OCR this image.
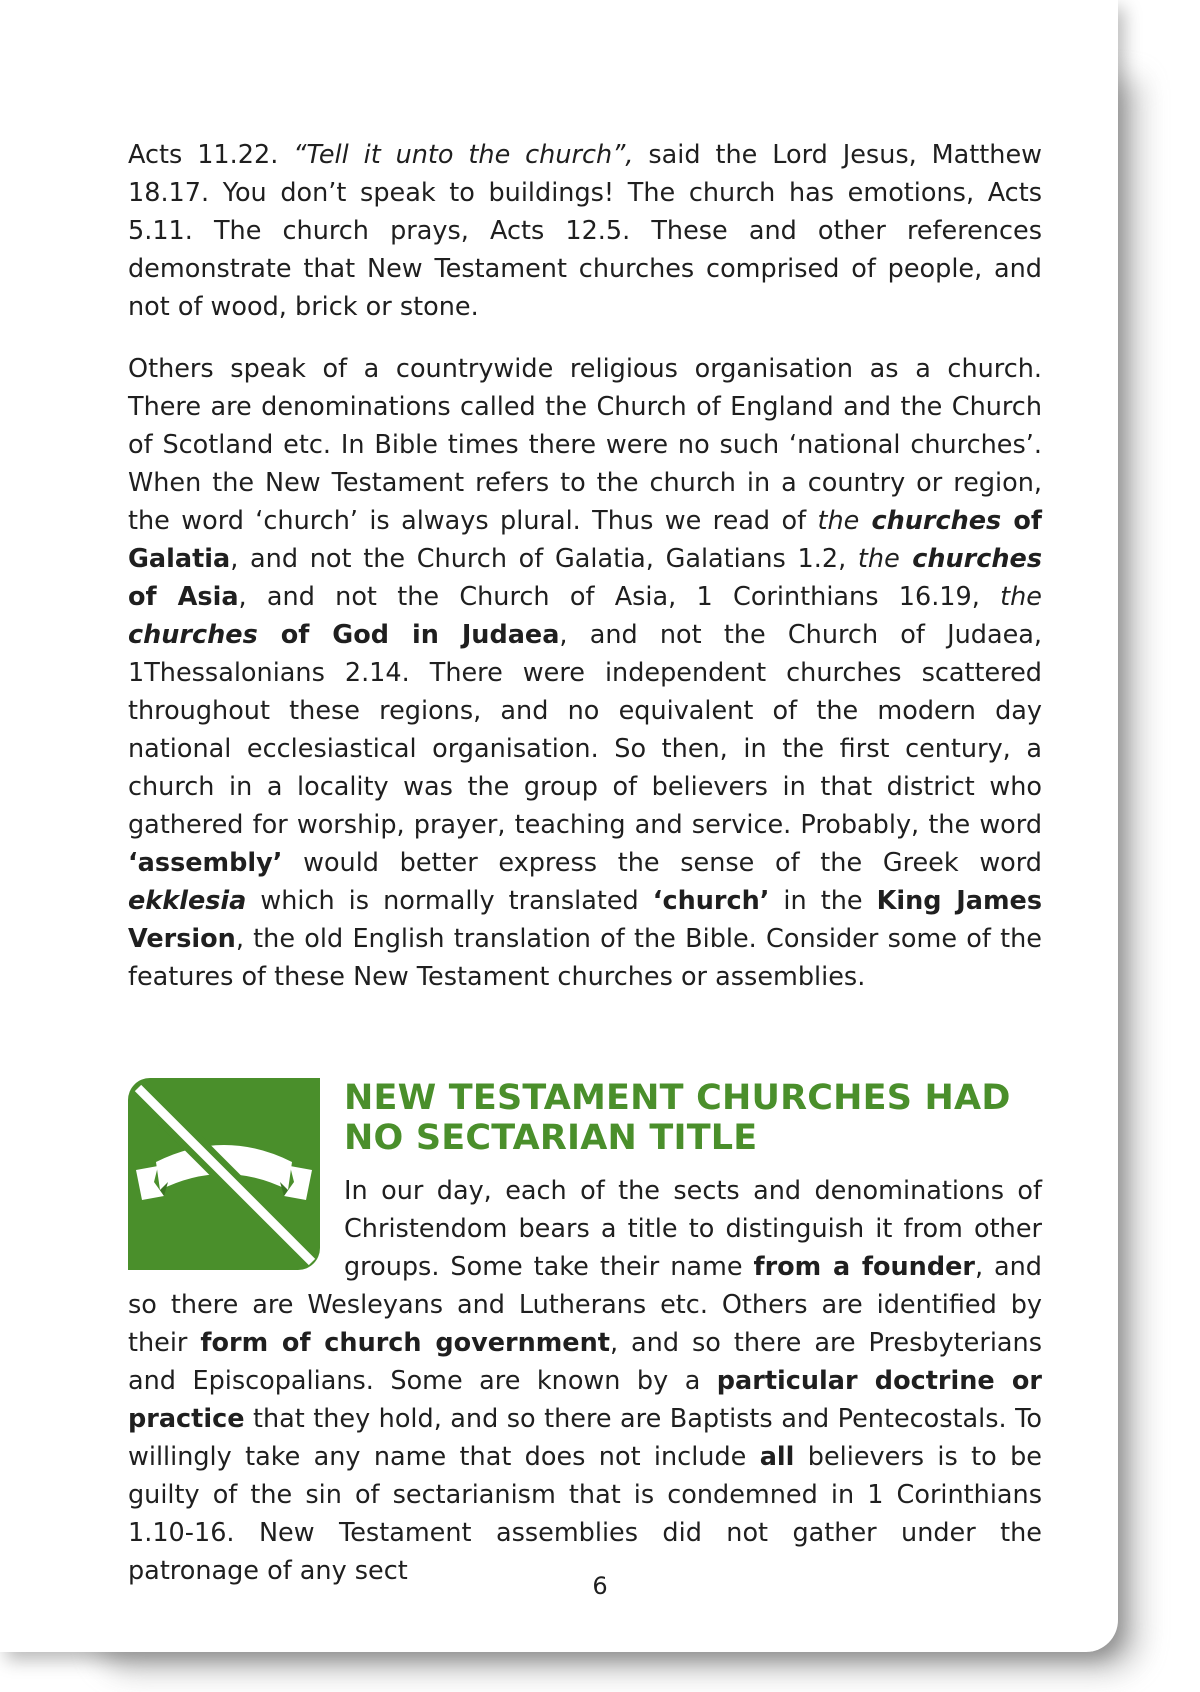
Acts 11.22. “Tell it unto the church”, said the Lord Jesus, Matthew 18.17. You don’t speak to buildings! The church has emotions, Acts 5.11. The church prays, Acts 12.5. These and other references demonstrate that New Testament churches comprised of people, and not of wood, brick or stone.

Others speak of a countrywide religious organisation as a church. There are denominations called the Church of England and the Church of Scotland etc. In Bible times there were no such ‘national churches’. When the New Testament refers to the church in a country or region, the word ‘church’ is always plural. Thus we read of the churches of Galatia, and not the Church of Galatia, Galatians 1.2, the churches of Asia, and not the Church of Asia, 1 Corinthians 16.19, the churches of God in Judaea, and not the Church of Judaea, 1Thessalonians 2.14. There were independent churches scattered throughout these regions, and no equivalent of the modern day national ecclesiastical organisation. So then, in the first century, a church in a locality was the group of believers in that district who gathered for worship, prayer, teaching and service. Probably, the word ‘assembly’ would better express the sense of the Greek word ekklesia which is normally translated ‘church’ in the King James Version, the old English translation of the Bible. Consider some of the features of these New Testament churches or assemblies.

NEW TESTAMENT CHURCHES HAD
NO SECTARIAN TITLE

In our day, each of the sects and denominations of Christendom bears a title to distinguish it from other groups. Some take their name from a founder, and so there are Wesleyans and Lutherans etc. Others are identified by their form of church government, and so there are Presbyterians and Episcopalians. Some are known by a particular doctrine or practice that they hold, and so there are Baptists and Pentecostals. To willingly take any name that does not include all believers is to be guilty of the sin of sectarianism that is condemned in 1 Corinthians 1.10-16. New Testament assemblies did not gather under the patronage of any sect	6
